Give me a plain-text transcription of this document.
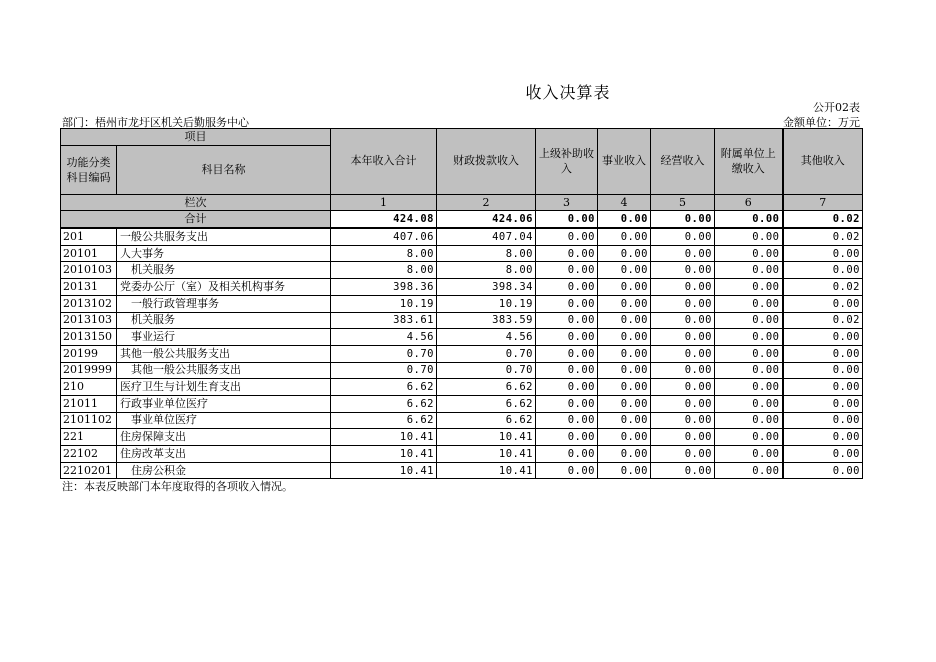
收入决算表
公开02表
部门：梧州市龙圩区机关后勤服务中心	金额单位：万元
项目		本年收入合计	财政拨款收入	上级补助收入	事业收入	经营收入	附属单位上缴收入	其他收入
功能分类科目编码	科目名称							
栏次		1	2	3	4	5	6	7
合计		424.08	424.06	0.00	0.00	0.00	0.00	0.02
201	一般公共服务支出	407.06	407.04	0.00	0.00	0.00	0.00	0.02
20101	人大事务	8.00	8.00	0.00	0.00	0.00	0.00	0.00
2010103	机关服务	8.00	8.00	0.00	0.00	0.00	0.00	0.00
20131	党委办公厅（室）及相关机构事务	398.36	398.34	0.00	0.00	0.00	0.00	0.02
2013102	一般行政管理事务	10.19	10.19	0.00	0.00	0.00	0.00	0.00
2013103	机关服务	383.61	383.59	0.00	0.00	0.00	0.00	0.02
2013150	事业运行	4.56	4.56	0.00	0.00	0.00	0.00	0.00
20199	其他一般公共服务支出	0.70	0.70	0.00	0.00	0.00	0.00	0.00
2019999	其他一般公共服务支出	0.70	0.70	0.00	0.00	0.00	0.00	0.00
210	医疗卫生与计划生育支出	6.62	6.62	0.00	0.00	0.00	0.00	0.00
21011	行政事业单位医疗	6.62	6.62	0.00	0.00	0.00	0.00	0.00
2101102	事业单位医疗	6.62	6.62	0.00	0.00	0.00	0.00	0.00
221	住房保障支出	10.41	10.41	0.00	0.00	0.00	0.00	0.00
22102	住房改革支出	10.41	10.41	0.00	0.00	0.00	0.00	0.00
2210201	住房公积金	10.41	10.41	0.00	0.00	0.00	0.00	0.00
注：本表反映部门本年度取得的各项收入情况。
